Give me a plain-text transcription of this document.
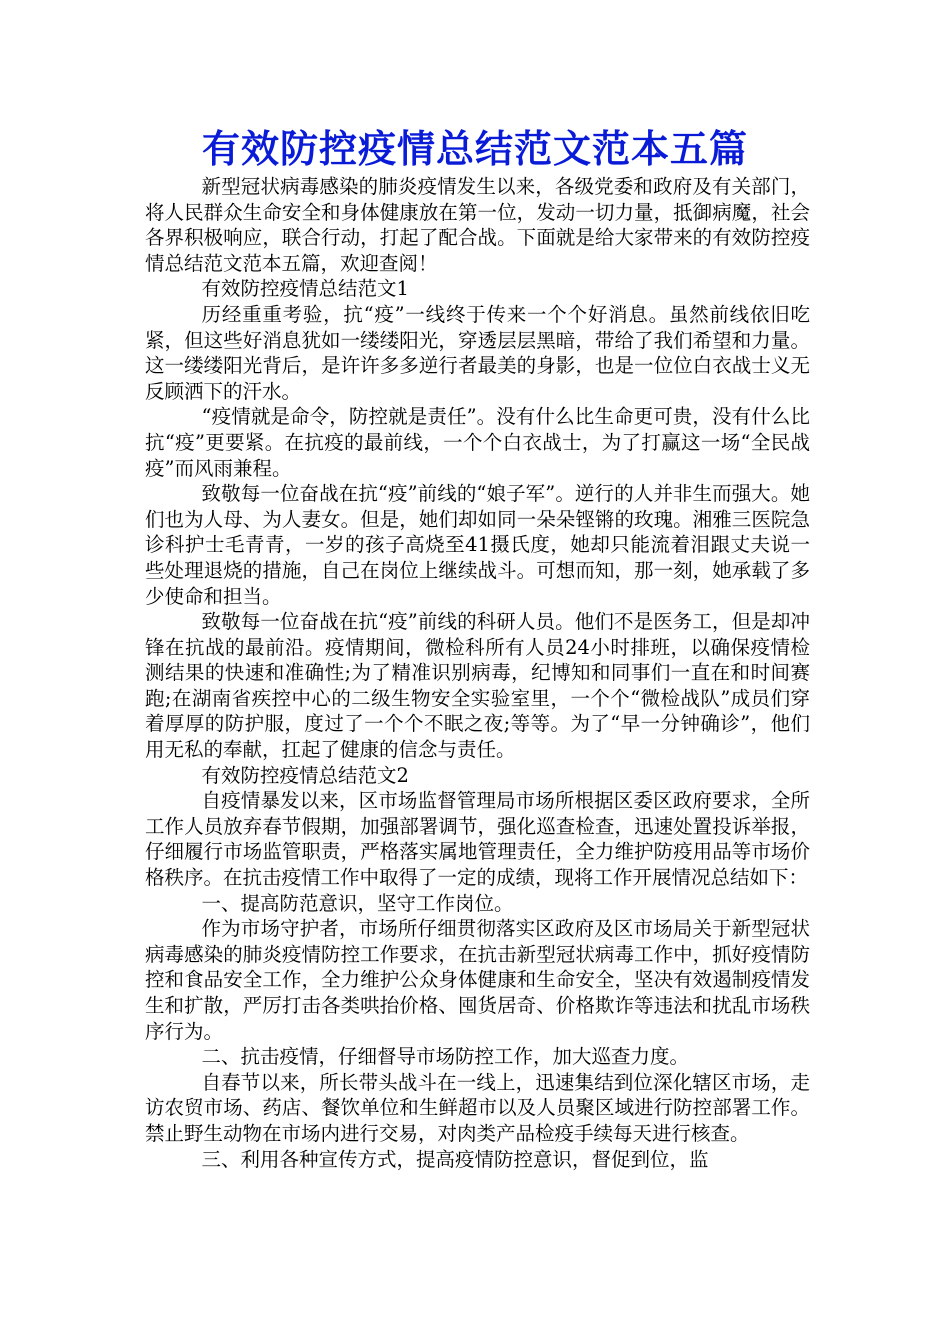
有效防控疫情总结范文范本五篇

新型冠状病毒感染的肺炎疫情发生以来，各级党委和政府及有关部门，将人民群众生命安全和身体健康放在第一位，发动一切力量，抵御病魔，社会各界积极响应，联合行动，打起了配合战。下面就是给大家带来的有效防控疫情总结范文范本五篇，欢迎查阅！

有效防控疫情总结范文1

历经重重考验，抗“疫”一线终于传来一个个好消息。虽然前线依旧吃紧，但这些好消息犹如一缕缕阳光，穿透层层黑暗，带给了我们希望和力量。这一缕缕阳光背后，是许许多多逆行者最美的身影，也是一位位白衣战士义无反顾洒下的汗水。

“疫情就是命令，防控就是责任”。没有什么比生命更可贵，没有什么比抗“疫”更要紧。在抗疫的最前线，一个个白衣战士，为了打赢这一场“全民战疫”而风雨兼程。

致敬每一位奋战在抗“疫”前线的“娘子军”。逆行的人并非生而强大。她们也为人母、为人妻女。但是，她们却如同一朵朵铿锵的玫瑰。湘雅三医院急诊科护士毛青青，一岁的孩子高烧至41摄氏度，她却只能流着泪跟丈夫说一些处理退烧的措施，自己在岗位上继续战斗。可想而知，那一刻，她承载了多少使命和担当。

致敬每一位奋战在抗“疫”前线的科研人员。他们不是医务工，但是却冲锋在抗战的最前沿。疫情期间，微检科所有人员24小时排班，以确保疫情检测结果的快速和准确性;为了精准识别病毒，纪博知和同事们一直在和时间赛跑;在湖南省疾控中心的二级生物安全实验室里，一个个“微检战队”成员们穿着厚厚的防护服，度过了一个个不眠之夜;等等。为了“早一分钟确诊”，他们用无私的奉献，扛起了健康的信念与责任。

有效防控疫情总结范文2

自疫情暴发以来，区市场监督管理局市场所根据区委区政府要求，全所工作人员放弃春节假期，加强部署调节，强化巡查检查，迅速处置投诉举报，仔细履行市场监管职责，严格落实属地管理责任，全力维护防疫用品等市场价格秩序。在抗击疫情工作中取得了一定的成绩，现将工作开展情况总结如下：

一、提高防范意识，坚守工作岗位。

作为市场守护者，市场所仔细贯彻落实区政府及区市场局关于新型冠状病毒感染的肺炎疫情防控工作要求，在抗击新型冠状病毒工作中，抓好疫情防控和食品安全工作，全力维护公众身体健康和生命安全，坚决有效遏制疫情发生和扩散，严厉打击各类哄抬价格、囤货居奇、价格欺诈等违法和扰乱市场秩序行为。

二、抗击疫情，仔细督导市场防控工作，加大巡查力度。

自春节以来，所长带头战斗在一线上，迅速集结到位深化辖区市场，走访农贸市场、药店、餐饮单位和生鲜超市以及人员聚区域进行防控部署工作。禁止野生动物在市场内进行交易，对肉类产品检疫手续每天进行核查。

三、利用各种宣传方式，提高疫情防控意识，督促到位，监
